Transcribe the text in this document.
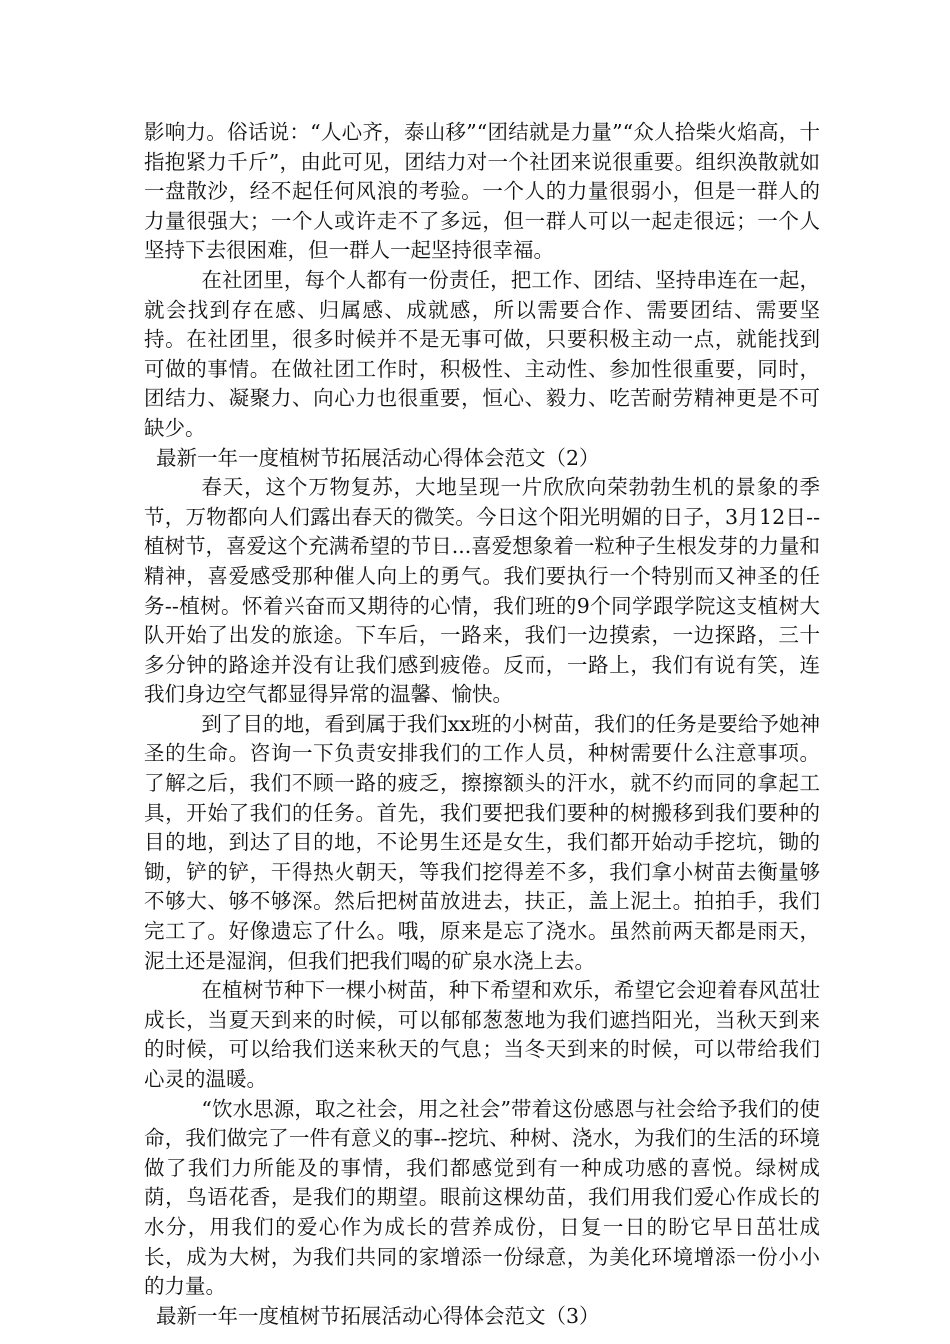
影响力。俗话说：“人心齐，泰山移”“团结就是力量”“众人拾柴火焰高，十指抱紧力千斤”，由此可见，团结力对一个社团来说很重要。组织涣散就如一盘散沙，经不起任何风浪的考验。一个人的力量很弱小，但是一群人的力量很强大；一个人或许走不了多远，但一群人可以一起走很远；一个人坚持下去很困难，但一群人一起坚持很幸福。

在社团里，每个人都有一份责任，把工作、团结、坚持串连在一起，就会找到存在感、归属感、成就感，所以需要合作、需要团结、需要坚持。在社团里，很多时候并不是无事可做，只要积极主动一点，就能找到可做的事情。在做社团工作时，积极性、主动性、参加性很重要，同时，团结力、凝聚力、向心力也很重要，恒心、毅力、吃苦耐劳精神更是不可缺少。

最新一年一度植树节拓展活动心得体会范文（2）

春天，这个万物复苏，大地呈现一片欣欣向荣勃勃生机的景象的季节，万物都向人们露出春天的微笑。今日这个阳光明媚的日子，3月12日--植树节，喜爱这个充满希望的节日...喜爱想象着一粒种子生根发芽的力量和精神，喜爱感受那种催人向上的勇气。我们要执行一个特别而又神圣的任务--植树。怀着兴奋而又期待的心情，我们班的9个同学跟学院这支植树大队开始了出发的旅途。下车后，一路来，我们一边摸索，一边探路，三十多分钟的路途并没有让我们感到疲倦。反而，一路上，我们有说有笑，连我们身边空气都显得异常的温馨、愉快。

到了目的地，看到属于我们xx班的小树苗，我们的任务是要给予她神圣的生命。咨询一下负责安排我们的工作人员，种树需要什么注意事项。了解之后，我们不顾一路的疲乏，擦擦额头的汗水，就不约而同的拿起工具，开始了我们的任务。首先，我们要把我们要种的树搬移到我们要种的目的地，到达了目的地，不论男生还是女生，我们都开始动手挖坑，锄的锄，铲的铲，干得热火朝天，等我们挖得差不多，我们拿小树苗去衡量够不够大、够不够深。然后把树苗放进去，扶正，盖上泥土。拍拍手，我们完工了。好像遗忘了什么。哦，原来是忘了浇水。虽然前两天都是雨天，泥土还是湿润，但我们把我们喝的矿泉水浇上去。

在植树节种下一棵小树苗，种下希望和欢乐，希望它会迎着春风茁壮成长，当夏天到来的时候，可以郁郁葱葱地为我们遮挡阳光，当秋天到来的时候，可以给我们送来秋天的气息；当冬天到来的时候，可以带给我们心灵的温暖。

“饮水思源，取之社会，用之社会”带着这份感恩与社会给予我们的使命，我们做完了一件有意义的事--挖坑、种树、浇水，为我们的生活的环境做了我们力所能及的事情，我们都感觉到有一种成功感的喜悦。绿树成荫，鸟语花香，是我们的期望。眼前这棵幼苗，我们用我们爱心作成长的水分，用我们的爱心作为成长的营养成份，日复一日的盼它早日茁壮成长，成为大树，为我们共同的家增添一份绿意，为美化环境增添一份小小的力量。

最新一年一度植树节拓展活动心得体会范文（3）
